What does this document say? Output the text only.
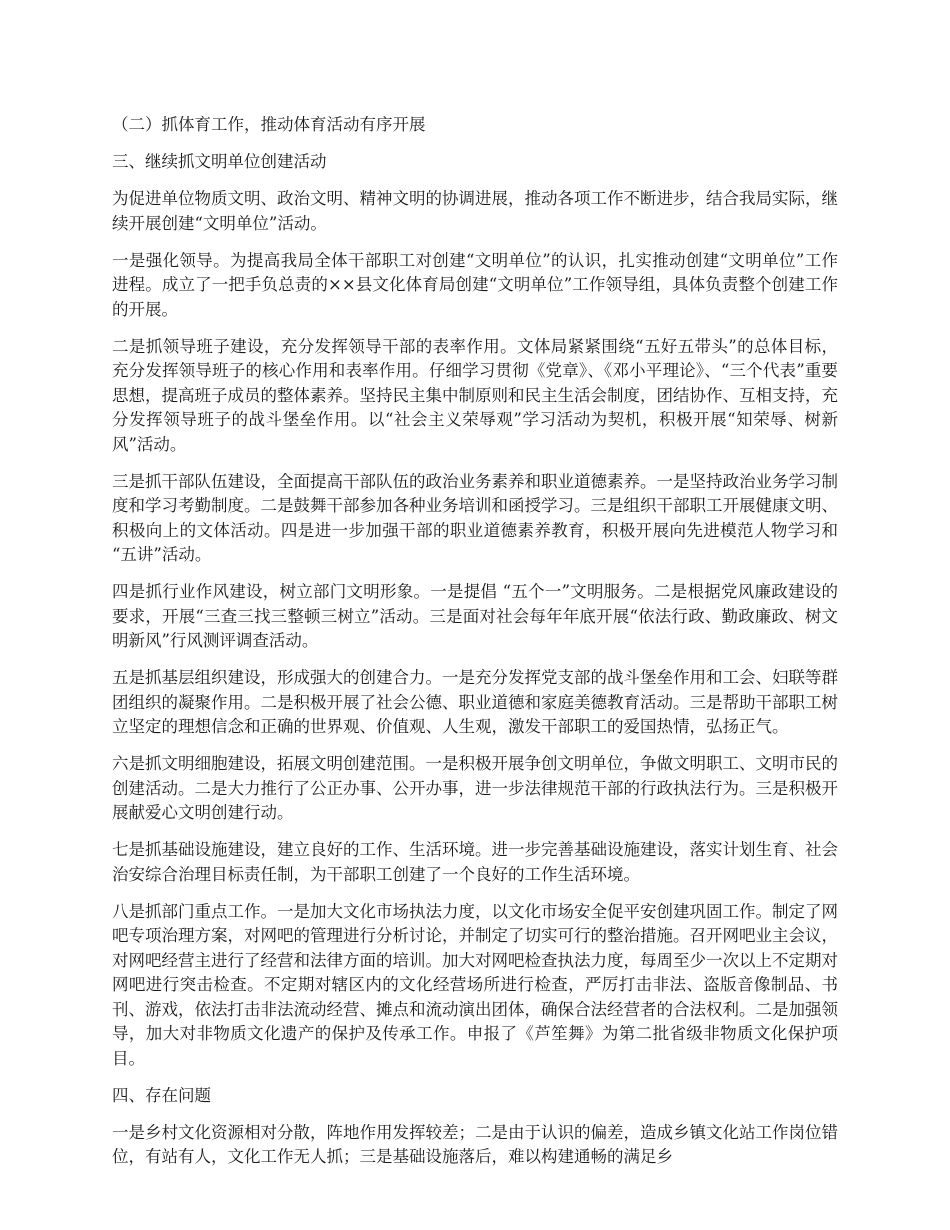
（二）抓体育工作，推动体育活动有序开展

三、继续抓文明单位创建活动

为促进单位物质文明、政治文明、精神文明的协调进展，推动各项工作不断进步，结合我局实际，继续开展创建“文明单位”活动。

一是强化领导。为提高我局全体干部职工对创建“文明单位”的认识，扎实推动创建“文明单位”工作进程。成立了一把手负总责的××县文化体育局创建“文明单位”工作领导组，具体负责整个创建工作的开展。

二是抓领导班子建设，充分发挥领导干部的表率作用。文体局紧紧围绕“五好五带头”的总体目标，充分发挥领导班子的核心作用和表率作用。仔细学习贯彻《党章》、《邓小平理论》、“三个代表”重要思想，提高班子成员的整体素养。坚持民主集中制原则和民主生活会制度，团结协作、互相支持，充分发挥领导班子的战斗堡垒作用。以“社会主义荣辱观”学习活动为契机，积极开展“知荣辱、树新风”活动。

三是抓干部队伍建设，全面提高干部队伍的政治业务素养和职业道德素养。一是坚持政治业务学习制度和学习考勤制度。二是鼓舞干部参加各种业务培训和函授学习。三是组织干部职工开展健康文明、积极向上的文体活动。四是进一步加强干部的职业道德素养教育，积极开展向先进模范人物学习和 “五讲”活动。

四是抓行业作风建设，树立部门文明形象。一是提倡 “五个一”文明服务。二是根据党风廉政建设的要求，开展“三查三找三整顿三树立”活动。三是面对社会每年年底开展“依法行政、勤政廉政、树文明新风”行风测评调查活动。

五是抓基层组织建设，形成强大的创建合力。一是充分发挥党支部的战斗堡垒作用和工会、妇联等群团组织的凝聚作用。二是积极开展了社会公德、职业道德和家庭美德教育活动。三是帮助干部职工树立坚定的理想信念和正确的世界观、价值观、人生观，激发干部职工的爱国热情，弘扬正气。

六是抓文明细胞建设，拓展文明创建范围。一是积极开展争创文明单位，争做文明职工、文明市民的创建活动。二是大力推行了公正办事、公开办事，进一步法律规范干部的行政执法行为。三是积极开展献爱心文明创建行动。

七是抓基础设施建设，建立良好的工作、生活环境。进一步完善基础设施建设，落实计划生育、社会治安综合治理目标责任制，为干部职工创建了一个良好的工作生活环境。

八是抓部门重点工作。一是加大文化市场执法力度，以文化市场安全促平安创建巩固工作。制定了网吧专项治理方案，对网吧的管理进行分析讨论，并制定了切实可行的整治措施。召开网吧业主会议，对网吧经营主进行了经营和法律方面的培训。加大对网吧检查执法力度，每周至少一次以上不定期对网吧进行突击检查。不定期对辖区内的文化经营场所进行检查，严厉打击非法、盗版音像制品、书刊、游戏，依法打击非法流动经营、摊点和流动演出团体，确保合法经营者的合法权利。二是加强领导，加大对非物质文化遗产的保护及传承工作。申报了《芦笙舞》为第二批省级非物质文化保护项目。

四、存在问题

一是乡村文化资源相对分散，阵地作用发挥较差；二是由于认识的偏差，造成乡镇文化站工作岗位错位，有站有人，文化工作无人抓；三是基础设施落后，难以构建通畅的满足乡
